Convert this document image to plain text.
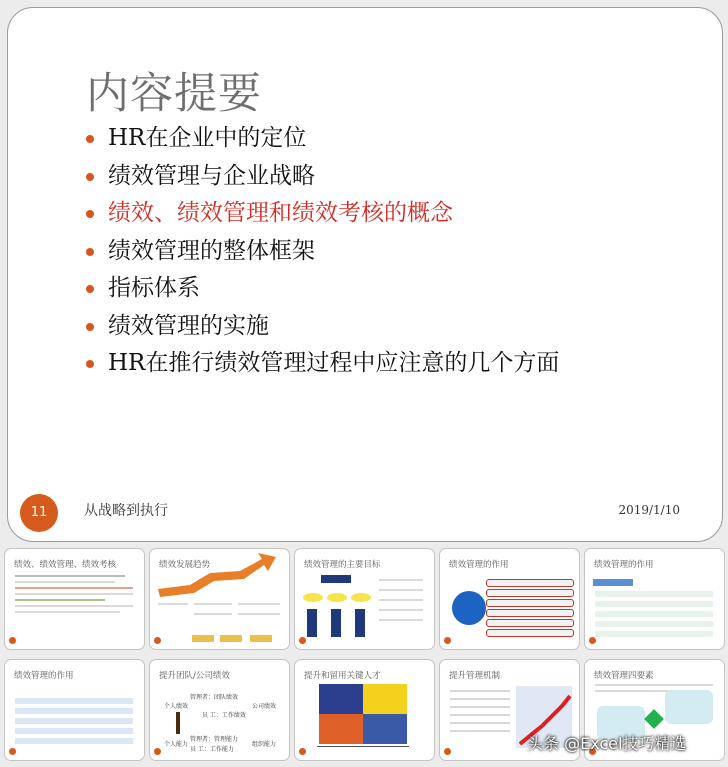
内容提要
HR在企业中的定位
绩效管理与企业战略
绩效、绩效管理和绩效考核的概念
绩效管理的整体框架
指标体系
绩效管理的实施
HR在推行绩效管理过程中应注意的几个方面
11	从战略到执行	2019/1/10
绩效、绩效管理、绩效考核	绩效发展趋势	绩效管理的主要目标	绩效管理的作用	绩效管理的作用
绩效管理的作用	提升团队/公司绩效
管理者：团队绩效
员 工：工作绩效
个人绩效	公司绩效
管理者：管理能力
员 工：工作能力
个人能力	组织能力
提升和留用关键人才	提升管理机制	绩效管理四要素
头条 @Excel技巧精选
